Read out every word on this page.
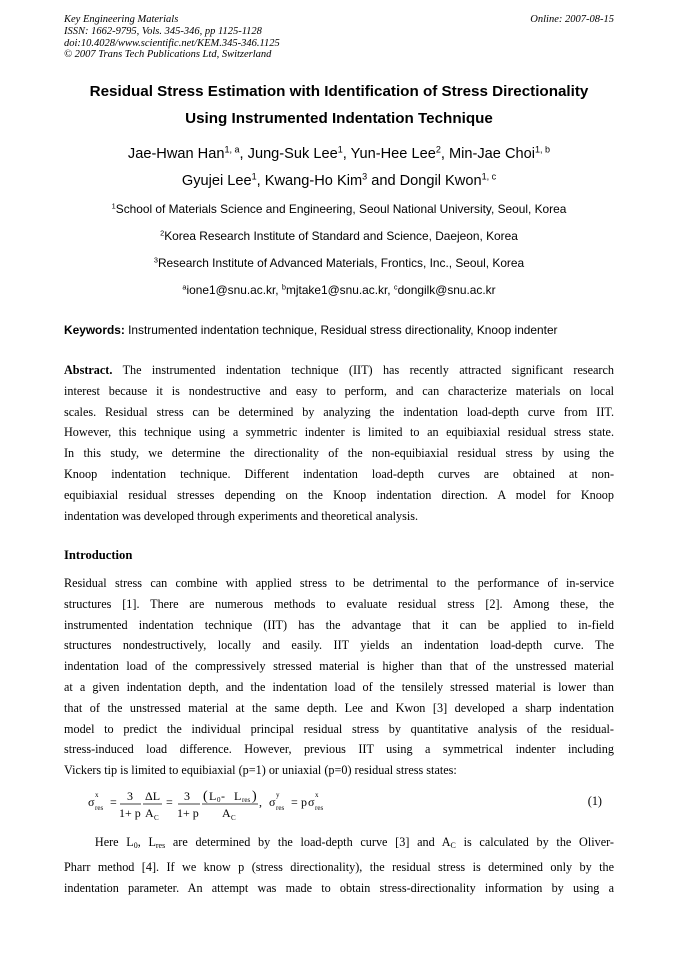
Key Engineering Materials
ISSN: 1662-9795, Vols. 345-346, pp 1125-1128
doi:10.4028/www.scientific.net/KEM.345-346.1125
© 2007 Trans Tech Publications Ltd, Switzerland
Online: 2007-08-15
Residual Stress Estimation with Identification of Stress Directionality
Using Instrumented Indentation Technique
Jae-Hwan Han$^{1, a}$, Jung-Suk Lee$^1$, Yun-Hee Lee$^2$, Min-Jae Choi$^{1, b}$
Gyujei Lee$^1$, Kwang-Ho Kim$^3$ and Dongil Kwon$^{1, c}$
$^1$School of Materials Science and Engineering, Seoul National University, Seoul, Korea
$^2$Korea Research Institute of Standard and Science, Daejeon, Korea
$^3$Research Institute of Advanced Materials, Frontics, Inc., Seoul, Korea
$^a$ione1@snu.ac.kr, $^b$mjtake1@snu.ac.kr, $^c$dongilk@snu.ac.kr
Keywords: Instrumented indentation technique, Residual stress directionality, Knoop indenter
Abstract. The instrumented indentation technique (IIT) has recently attracted significant research
interest because it is nondestructive and easy to perform, and can characterize materials on local
scales. Residual stress can be determined by analyzing the indentation load-depth curve from IIT.
However, this technique using a symmetric indenter is limited to an equibiaxial residual stress state.
In this study, we determine the directionality of the non-equibiaxial residual stress by using the
Knoop indentation technique. Different indentation load-depth curves are obtained at non-
equibiaxial residual stresses depending on the Knoop indentation direction. A model for Knoop
indentation was developed through experiments and theoretical analysis.
Introduction
Residual stress can combine with applied stress to be detrimental to the performance of in-service
structures [1]. There are numerous methods to evaluate residual stress [2]. Among these, the
instrumented indentation technique (IIT) has the advantage that it can be applied to in-field
structures nondestructively, locally and easily. IIT yields an indentation load-depth curve. The
indentation load of the compressively stressed material is higher than that of the unstressed material
at a given indentation depth, and the indentation load of the tensilely stressed material is lower than
that of the unstressed material at the same depth. Lee and Kwon [3] developed a sharp indentation
model to predict the individual principal residual stress by quantitative analysis of the residual-
stress-induced load difference. However, previous IIT using a symmetrical indenter including
Vickers tip is limited to equibiaxial (p=1) or uniaxial (p=0) residual stress states:
σ x
res = 3
1+ p
ΔL
A C
= 3
1+ p
( L 0 - L res )
A C
, σ y
res = p σ x
res	(1)
Here $L_0$, $L_{res}$ are determined by the load-depth curve [3] and $A_C$ is calculated by the Oliver-
Pharr method [4]. If we know p (stress directionality), the residual stress is determined only by the
indentation parameter. An attempt was made to obtain stress-directionality information by using a
